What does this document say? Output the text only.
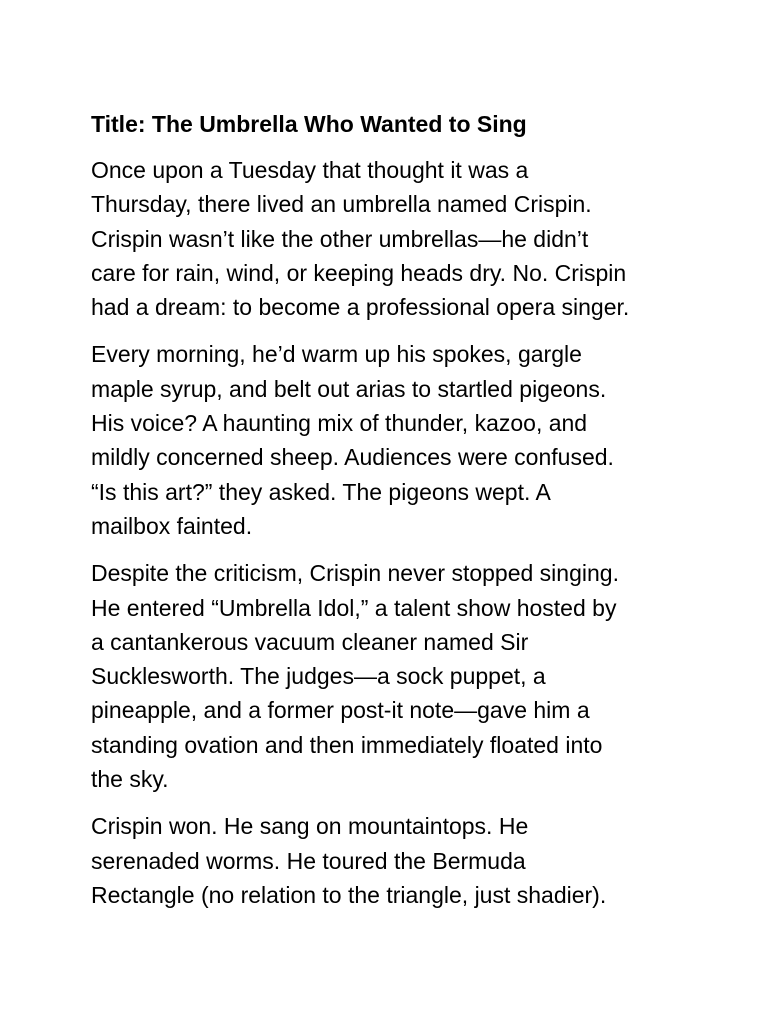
Title: The Umbrella Who Wanted to Sing
Once upon a Tuesday that thought it was a
Thursday, there lived an umbrella named Crispin.
Crispin wasn’t like the other umbrellas—he didn’t
care for rain, wind, or keeping heads dry. No. Crispin
had a dream: to become a professional opera singer.
Every morning, he’d warm up his spokes, gargle
maple syrup, and belt out arias to startled pigeons.
His voice? A haunting mix of thunder, kazoo, and
mildly concerned sheep. Audiences were confused.
“Is this art?” they asked. The pigeons wept. A
mailbox fainted.
Despite the criticism, Crispin never stopped singing.
He entered “Umbrella Idol,” a talent show hosted by
a cantankerous vacuum cleaner named Sir
Sucklesworth. The judges—a sock puppet, a
pineapple, and a former post-it note—gave him a
standing ovation and then immediately floated into
the sky.
Crispin won. He sang on mountaintops. He
serenaded worms. He toured the Bermuda
Rectangle (no relation to the triangle, just shadier).
